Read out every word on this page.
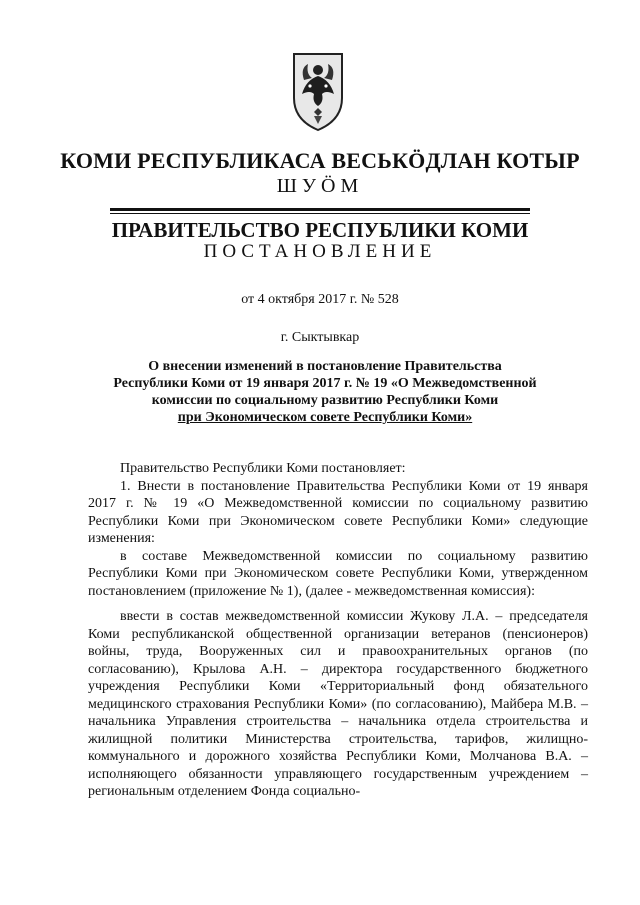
КОМИ РЕСПУБЛИКАСА ВЕСЬКÖДЛАН КОТЫР
ШУÖМ
ПРАВИТЕЛЬСТВО РЕСПУБЛИКИ КОМИ
ПОСТАНОВЛЕНИЕ
от 4 октября 2017 г. № 528
г. Сыктывкар
О внесении изменений в постановление Правительства
Республики Коми от 19 января 2017 г. № 19 «О Межведомственной
комиссии по социальному развитию Республики Коми
при Экономическом совете Республики Коми»

Правительство Республики Коми постановляет:

1. Внести в постановление Правительства Республики Коми от 19 января 2017 г. № 19 «О Межведомственной комиссии по социальному развитию Республики Коми при Экономическом совете Республики Коми» следующие изменения:

в составе Межведомственной комиссии по социальному развитию Республики Коми при Экономическом совете Республики Коми, утвержденном постановлением (приложение № 1), (далее - межведомственная комиссия):

ввести в состав межведомственной комиссии Жукову Л.А. – председателя Коми республиканской общественной организации ветеранов (пенсионеров) войны, труда, Вооруженных сил и правоохранительных органов (по согласованию), Крылова А.Н. – директора государственного бюджетного учреждения Республики Коми «Территориальный фонд обязательного медицинского страхования Республики Коми» (по согласованию), Майбера М.В. – начальника Управления строительства – начальника отдела строительства и жилищной политики Министерства строительства, тарифов, жилищно-коммунального и дорожного хозяйства Республики Коми, Молчанова В.А. – исполняющего обязанности управляющего государственным учреждением – региональным отделением Фонда социально-
